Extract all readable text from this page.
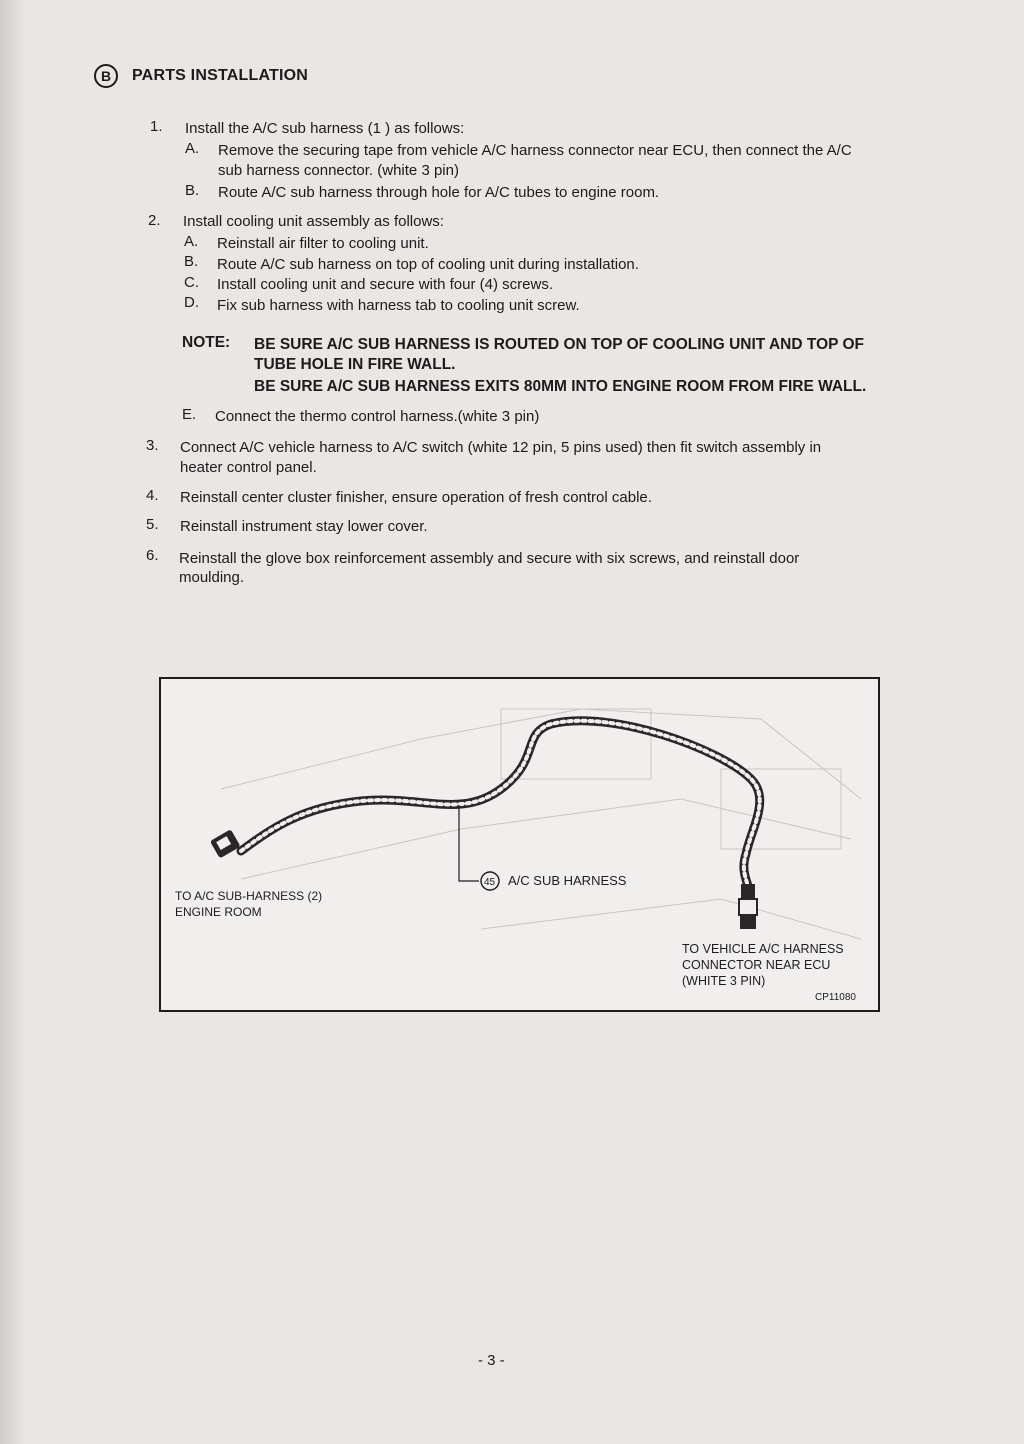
B	PARTS INSTALLATION
1. Install the A/C sub harness (1 ) as follows:
A. Remove the securing tape from vehicle A/C harness connector near ECU, then connect the A/C
sub harness connector. (white 3 pin)
B. Route A/C sub harness through hole for A/C tubes to engine room.
2. Install cooling unit assembly as follows:
A. Reinstall air filter to cooling unit.
B. Route A/C sub harness on top of cooling unit during installation.
C. Install cooling unit and secure with four (4) screws.
D. Fix sub harness with harness tab to cooling unit screw.
NOTE: BE SURE A/C SUB HARNESS IS ROUTED ON TOP OF COOLING UNIT AND TOP OF
TUBE HOLE IN FIRE WALL.
BE SURE A/C SUB HARNESS EXITS 80MM INTO ENGINE ROOM FROM FIRE WALL.
E. Connect the thermo control harness.(white 3 pin)
3. Connect A/C vehicle harness to A/C switch (white 12 pin, 5 pins used) then fit switch assembly in
heater control panel.
4. Reinstall center cluster finisher, ensure operation of fresh control cable.
5. Reinstall instrument stay lower cover.
6. Reinstall the glove box reinforcement assembly and secure with six screws, and reinstall door
moulding.
45 A/C SUB HARNESS
TO A/C SUB-HARNESS (2)
ENGINE ROOM
TO VEHICLE A/C HARNESS
CONNECTOR NEAR ECU
(WHITE 3 PIN)
CP11080
- 3 -
